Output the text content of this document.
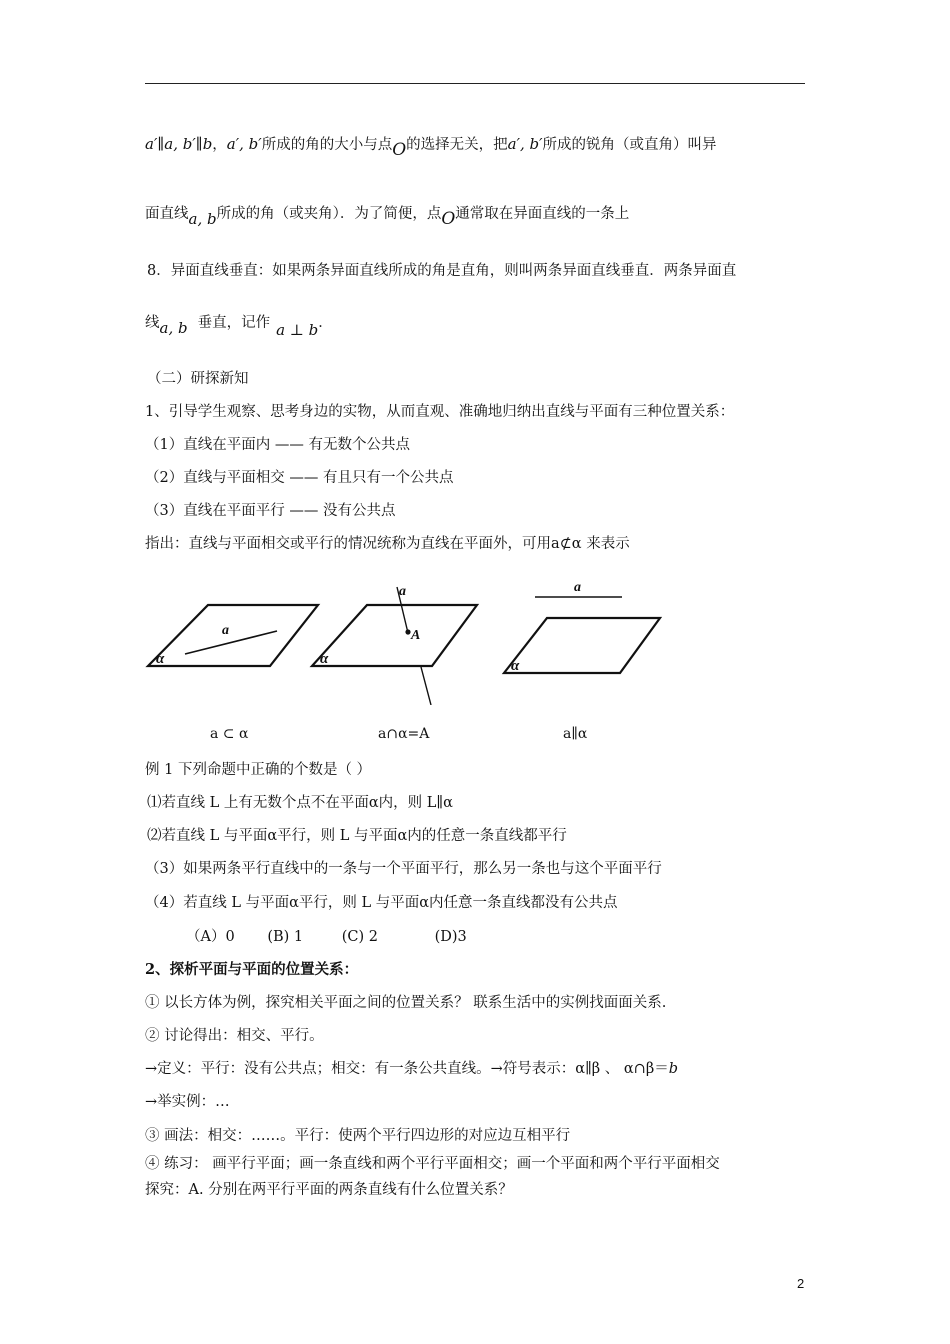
a′∥a, b′∥b，a′, b′所成的角的大小与点O的选择无关，把a′, b′所成的锐角（或直角）叫异
面直线a, b所成的角（或夹角）．为了简便，点O通常取在异面直线的一条上
8．异面直线垂直：如果两条异面直线所成的角是直角，则叫两条异面直线垂直．两条异面直
线a, b 垂直，记作 a ⊥ b．
（二）研探新知
1、引导学生观察、思考身边的实物，从而直观、准确地归纳出直线与平面有三种位置关系：
（1）直线在平面内 —— 有无数个公共点
（2）直线与平面相交 —— 有且只有一个公共点
（3）直线在平面平行 —— 没有公共点
指出：直线与平面相交或平行的情况统称为直线在平面外，可用a⊄α 来表示
a
α
a
A
α
a
α
a ⊂ α	a∩α=A	a∥α
例 1 下列命题中正确的个数是（ ）
⑴若直线 L 上有无数个点不在平面α内，则 L∥α
⑵若直线 L 与平面α平行，则 L 与平面α内的任意一条直线都平行
（3）如果两条平行直线中的一条与一个平面平行，那么另一条也与这个平面平行
（4）若直线 L 与平面α平行，则 L 与平面α内任意一条直线都没有公共点
（A）0 (B) 1	(C) 2	(D)3
2、探析平面与平面的位置关系：
① 以长方体为例，探究相关平面之间的位置关系？ 联系生活中的实例找面面关系.
② 讨论得出：相交、平行。
→定义：平行：没有公共点；相交：有一条公共直线。→符号表示：α∥β 、 α∩β＝b
→举实例：…
③ 画法：相交：……。平行：使两个平行四边形的对应边互相平行
④ 练习： 画平行平面；画一条直线和两个平行平面相交；画一个平面和两个平行平面相交
探究：A. 分别在两平行平面的两条直线有什么位置关系？
2
